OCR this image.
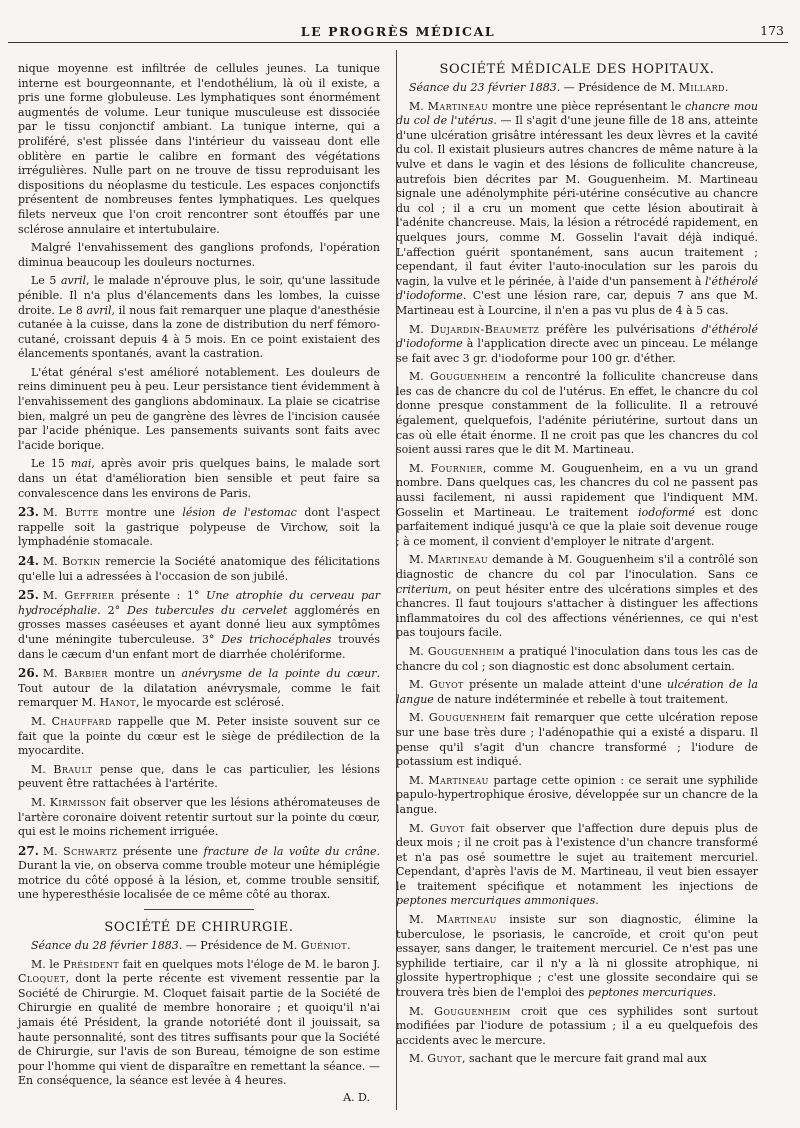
LE PROGRÈS MÉDICAL	173

nique moyenne est infiltrée de cellules jeunes. La tunique interne est bourgeonnante, et l'endothélium, là où il existe, a pris une forme globuleuse. Les lymphatiques sont énormément augmentés de volume. Leur tunique musculeuse est dissociée par le tissu conjonctif ambiant. La tunique interne, qui a proliféré, s'est plissée dans l'intérieur du vaisseau dont elle oblitère en partie le calibre en formant des végétations irrégulières. Nulle part on ne trouve de tissu reproduisant les dispositions du néoplasme du testicule. Les espaces conjonctifs présentent de nombreuses fentes lymphatiques. Les quelques filets nerveux que l'on croit rencontrer sont étouffés par une sclérose annulaire et intertubulaire.

Malgré l'envahissement des ganglions profonds, l'opération diminua beaucoup les douleurs nocturnes.

Le 5 avril, le malade n'éprouve plus, le soir, qu'une lassitude pénible. Il n'a plus d'élancements dans les lombes, la cuisse droite. Le 8 avril, il nous fait remarquer une plaque d'anesthésie cutanée à la cuisse, dans la zone de distribution du nerf fémoro-cutané, croissant depuis 4 à 5 mois. En ce point existaient des élancements spontanés, avant la castration.

L'état général s'est amélioré notablement. Les douleurs de reins diminuent peu à peu. Leur persistance tient évidemment à l'envahissement des ganglions abdominaux. La plaie se cicatrise bien, malgré un peu de gangrène des lèvres de l'incision causée par l'acide phénique. Les pansements suivants sont faits avec l'acide borique.

Le 15 mai, après avoir pris quelques bains, le malade sort dans un état d'amélioration bien sensible et peut faire sa convalescence dans les environs de Paris.

23. M. Butte montre une lésion de l'estomac dont l'aspect rappelle soit la gastrique polypeuse de Virchow, soit la lymphadénie stomacale.

24. M. Botkin remercie la Société anatomique des félicitations qu'elle lui a adressées à l'occasion de son jubilé.

25. M. Geffrier présente : 1° Une atrophie du cerveau par hydrocéphalie. 2° Des tubercules du cervelet agglomérés en grosses masses caséeuses et ayant donné lieu aux symptômes d'une méningite tuberculeuse. 3° Des trichocéphales trouvés dans le cæcum d'un enfant mort de diarrhée cholériforme.

26. M. Barbier montre un anévrysme de la pointe du cœur. Tout autour de la dilatation anévrysmale, comme le fait remarquer M. Hanot, le myocarde est sclérosé.

M. Chauffard rappelle que M. Peter insiste souvent sur ce fait que la pointe du cœur est le siège de prédilection de la myocardite.

M. Brault pense que, dans le cas particulier, les lésions peuvent être rattachées à l'artérite.

M. Kirmisson fait observer que les lésions athéromateuses de l'artère coronaire doivent retentir surtout sur la pointe du cœur, qui est le moins richement irriguée.

27. M. Schwartz présente une fracture de la voûte du crâne. Durant la vie, on observa comme trouble moteur une hémiplégie motrice du côté opposé à la lésion, et, comme trouble sensitif, une hyperesthésie localisée de ce même côté au thorax.

SOCIÉTÉ DE CHIRURGIE.

Séance du 28 février 1883. — Présidence de M. Guéniot.

M. le Président fait en quelques mots l'éloge de M. le baron J. Cloquet, dont la perte récente est vivement ressentie par la Société de Chirurgie. M. Cloquet faisait partie de la Société de Chirurgie en qualité de membre honoraire ; et quoiqu'il n'ai jamais été Président, la grande notoriété dont il jouissait, sa haute personnalité, sont des titres suffisants pour que la Société de Chirurgie, sur l'avis de son Bureau, témoigne de son estime pour l'homme qui vient de disparaître en remettant la séance. — En conséquence, la séance est levée à 4 heures.

A. D.

SOCIÉTÉ MÉDICALE DES HOPITAUX.

Séance du 23 février 1883. — Présidence de M. Millard.

M. Martineau montre une pièce représentant le chancre mou du col de l'utérus. — Il s'agit d'une jeune fille de 18 ans, atteinte d'une ulcération grisâtre intéressant les deux lèvres et la cavité du col. Il existait plusieurs autres chancres de même nature à la vulve et dans le vagin et des lésions de folliculite chancreuse, autrefois bien décrites par M. Gouguenheim. M. Martineau signale une adénolymphite péri-utérine consécutive au chancre du col ; il a cru un moment que cette lésion aboutirait à l'adénite chancreuse. Mais, la lésion a rétrocédé rapidement, en quelques jours, comme M. Gosselin l'avait déjà indiqué. L'affection guérit spontanément, sans aucun traitement ; cependant, il faut éviter l'auto-inoculation sur les parois du vagin, la vulve et le périnée, à l'aide d'un pansement à l'éthérolé d'iodoforme. C'est une lésion rare, car, depuis 7 ans que M. Martineau est à Lourcine, il n'en a pas vu plus de 4 à 5 cas.

M. Dujardin-Beaumetz préfère les pulvérisations d'éthérolé d'iodoforme à l'application directe avec un pinceau. Le mélange se fait avec 3 gr. d'iodoforme pour 100 gr. d'éther.

M. Gouguenheim a rencontré la folliculite chancreuse dans les cas de chancre du col de l'utérus. En effet, le chancre du col donne presque constamment de la folliculite. Il a retrouvé également, quelquefois, l'adénite périutérine, surtout dans un cas où elle était énorme. Il ne croit pas que les chancres du col soient aussi rares que le dit M. Martineau.

M. Fournier, comme M. Gouguenheim, en a vu un grand nombre. Dans quelques cas, les chancres du col ne passent pas aussi facilement, ni aussi rapidement que l'indiquent MM. Gosselin et Martineau. Le traitement iodoformé est donc parfaitement indiqué jusqu'à ce que la plaie soit devenue rouge ; à ce moment, il convient d'employer le nitrate d'argent.

M. Martineau demande à M. Gouguenheim s'il a contrôlé son diagnostic de chancre du col par l'inoculation. Sans ce criterium, on peut hésiter entre des ulcérations simples et des chancres. Il faut toujours s'attacher à distinguer les affections inflammatoires du col des affections vénériennes, ce qui n'est pas toujours facile.

M. Gouguenheim a pratiqué l'inoculation dans tous les cas de chancre du col ; son diagnostic est donc absolument certain.

M. Guyot présente un malade atteint d'une ulcération de la langue de nature indéterminée et rebelle à tout traitement.

M. Gouguenheim fait remarquer que cette ulcération repose sur une base très dure ; l'adénopathie qui a existé a disparu. Il pense qu'il s'agit d'un chancre transformé ; l'iodure de potassium est indiqué.

M. Martineau partage cette opinion : ce serait une syphilide papulo-hypertrophique érosive, développée sur un chancre de la langue.

M. Guyot fait observer que l'affection dure depuis plus de deux mois ; il ne croit pas à l'existence d'un chancre transformé et n'a pas osé soumettre le sujet au traitement mercuriel. Cependant, d'après l'avis de M. Martineau, il veut bien essayer le traitement spécifique et notamment les injections de peptones mercuriques ammoniques.

M. Martineau insiste sur son diagnostic, élimine la tuberculose, le psoriasis, le cancroïde, et croit qu'on peut essayer, sans danger, le traitement mercuriel. Ce n'est pas une syphilide tertiaire, car il n'y a là ni glossite atrophique, ni glossite hypertrophique ; c'est une glossite secondaire qui se trouvera très bien de l'emploi des peptones mercuriques.

M. Gouguenheim croit que ces syphilides sont surtout modifiées par l'iodure de potassium ; il a eu quelquefois des accidents avec le mercure.

M. Guyot, sachant que le mercure fait grand mal aux
